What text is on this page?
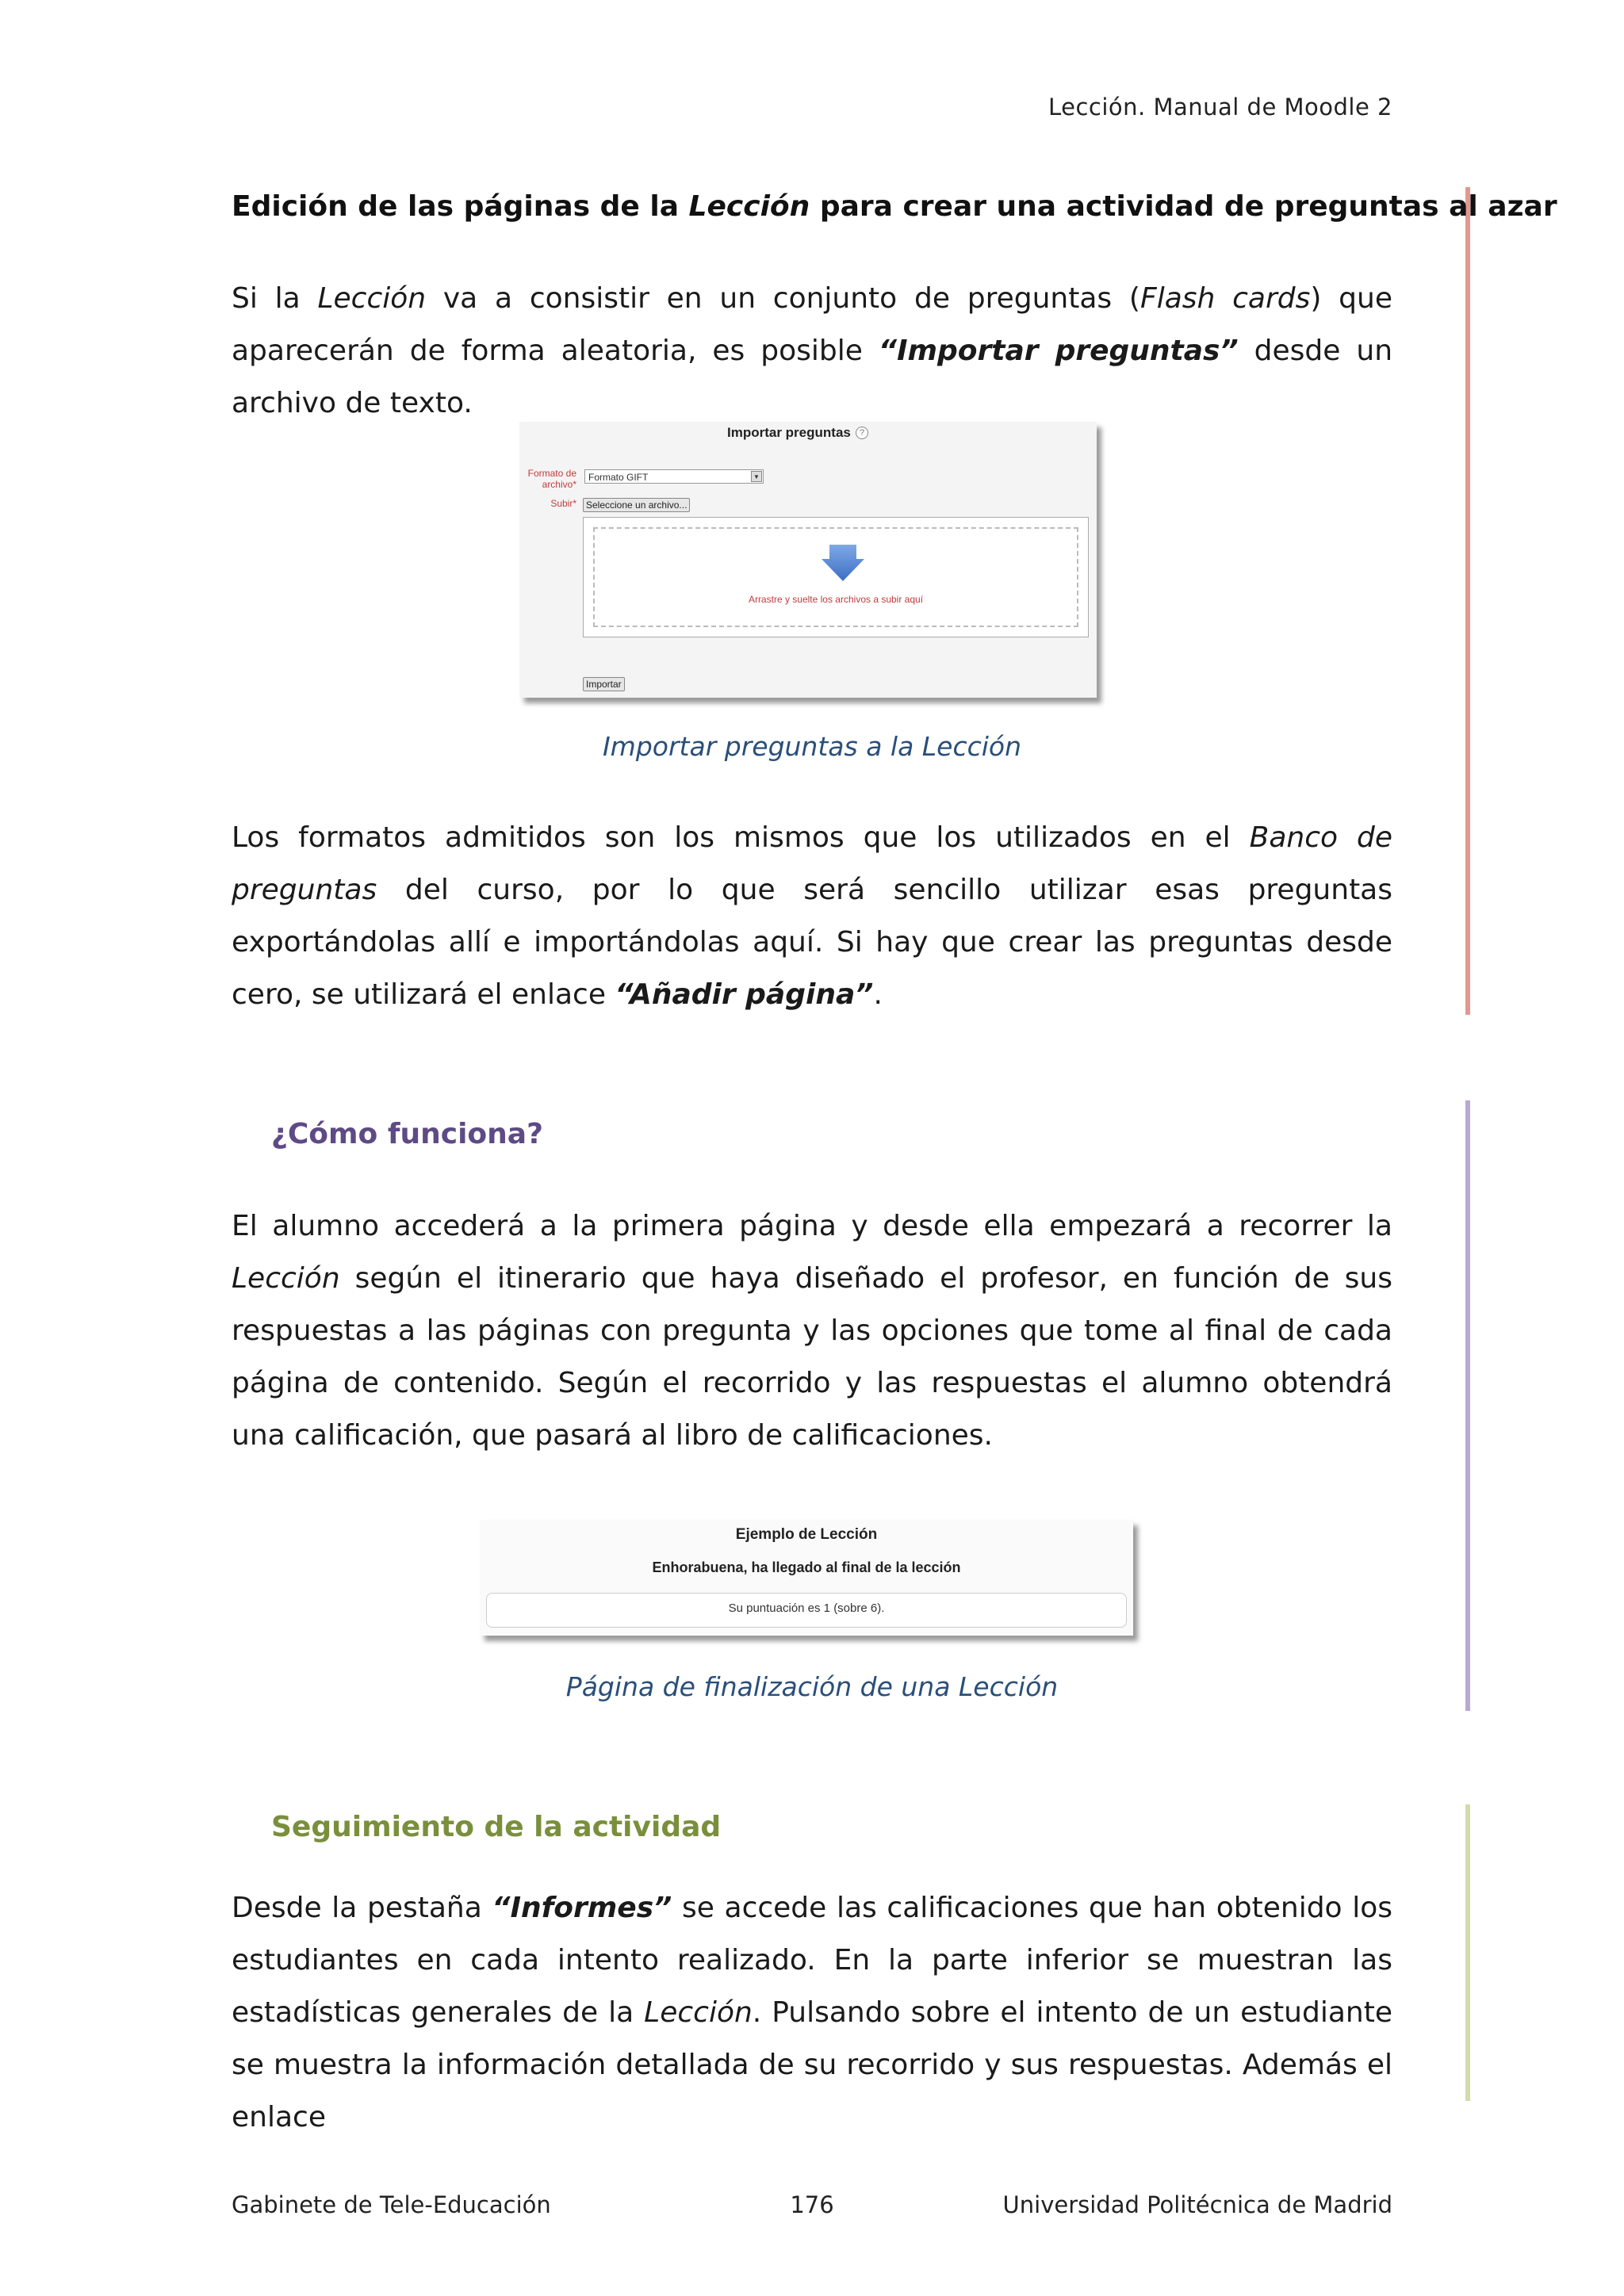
Lección. Manual de Moodle 2
Edición de las páginas de la Lección para crear una actividad de preguntas al azar
Si la Lección va a consistir en un conjunto de preguntas (Flash cards) que aparecerán de forma aleatoria, es posible “Importar preguntas” desde un archivo de texto.
Importar preguntas	?
Formato de archivo*
Formato GIFT	▼
Subir*	Seleccione un archivo...
Arrastre y suelte los archivos a subir aquí
Importar
Importar preguntas a la Lección
Los formatos admitidos son los mismos que los utilizados en el Banco de preguntas del curso, por lo que será sencillo utilizar esas preguntas exportándolas allí e importándolas aquí. Si hay que crear las preguntas desde cero, se utilizará el enlace “Añadir página”.
¿Cómo funciona?
El alumno accederá a la primera página y desde ella empezará a recorrer la Lección según el itinerario que haya diseñado el profesor, en función de sus respuestas a las páginas con pregunta y las opciones que tome al final de cada página de contenido. Según el recorrido y las respuestas el alumno obtendrá una calificación, que pasará al libro de calificaciones.
Ejemplo de Lección
Enhorabuena, ha llegado al final de la lección
Su puntuación es 1 (sobre 6).
Página de finalización de una Lección
Seguimiento de la actividad
Desde la pestaña “Informes” se accede las calificaciones que han obtenido los estudiantes en cada intento realizado. En la parte inferior se muestran las estadísticas generales de la Lección. Pulsando sobre el intento de un estudiante se muestra la información detallada de su recorrido y sus respuestas. Además el enlace
Gabinete de Tele-Educación	176	Universidad Politécnica de Madrid
